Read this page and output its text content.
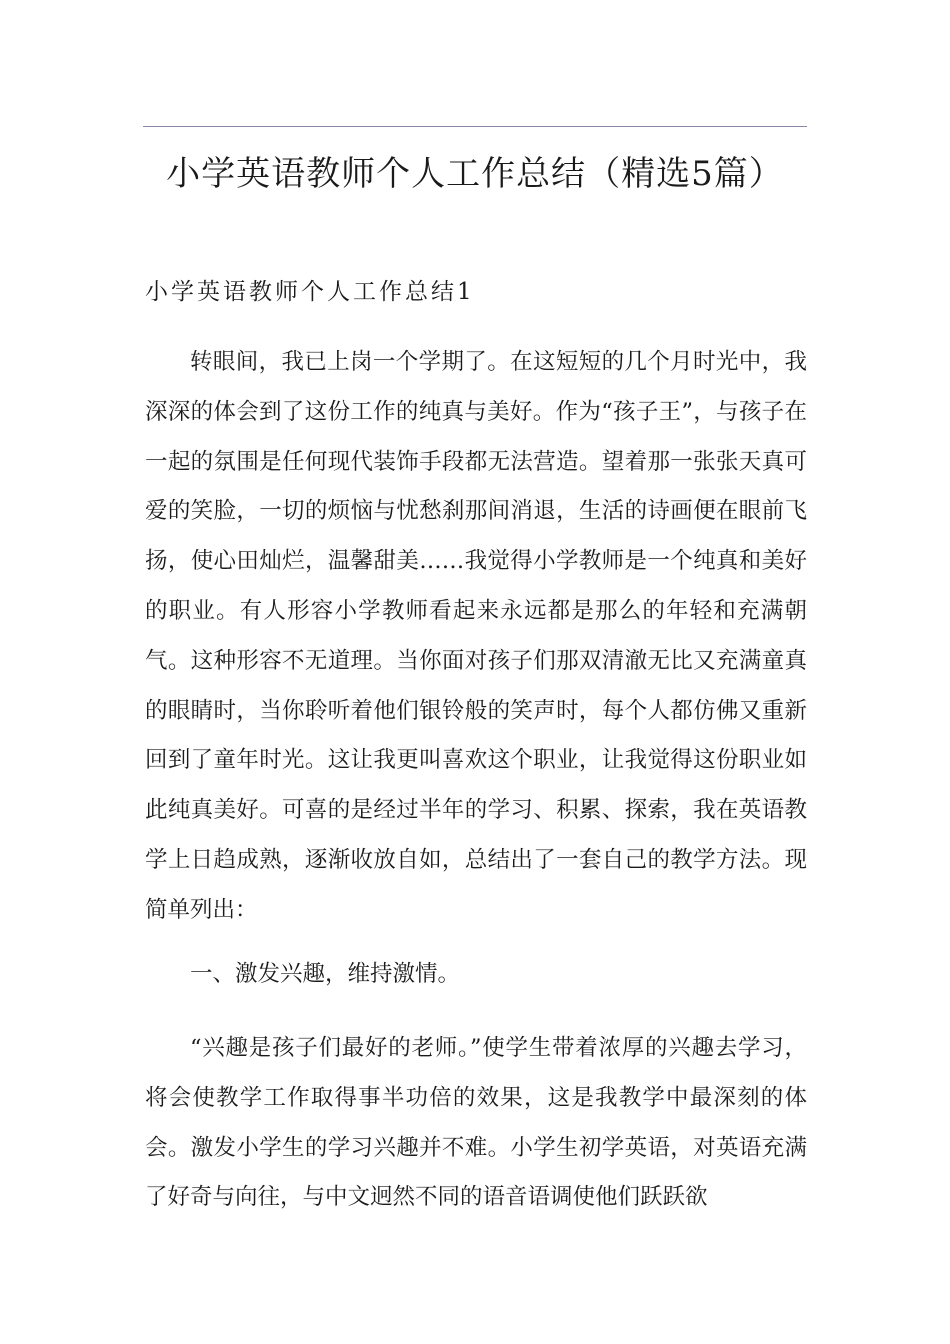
小学英语教师个人工作总结（精选5篇）
小学英语教师个人工作总结1

转眼间，我已上岗一个学期了。在这短短的几个月时光中，我深深的体会到了这份工作的纯真与美好。作为“孩子王”，与孩子在一起的氛围是任何现代装饰手段都无法营造。望着那一张张天真可爱的笑脸，一切的烦恼与忧愁刹那间消退，生活的诗画便在眼前飞扬，使心田灿烂，温馨甜美……我觉得小学教师是一个纯真和美好的职业。有人形容小学教师看起来永远都是那么的年轻和充满朝气。这种形容不无道理。当你面对孩子们那双清澈无比又充满童真的眼睛时，当你聆听着他们银铃般的笑声时，每个人都仿佛又重新回到了童年时光。这让我更叫喜欢这个职业，让我觉得这份职业如此纯真美好。可喜的是经过半年的学习、积累、探索，我在英语教学上日趋成熟，逐渐收放自如，总结出了一套自己的教学方法。现简单列出：

一、激发兴趣，维持激情。

“兴趣是孩子们最好的老师。”使学生带着浓厚的兴趣去学习，将会使教学工作取得事半功倍的效果，这是我教学中最深刻的体会。激发小学生的学习兴趣并不难。小学生初学英语，对英语充满了好奇与向往，与中文迥然不同的语音语调使他们跃跃欲
